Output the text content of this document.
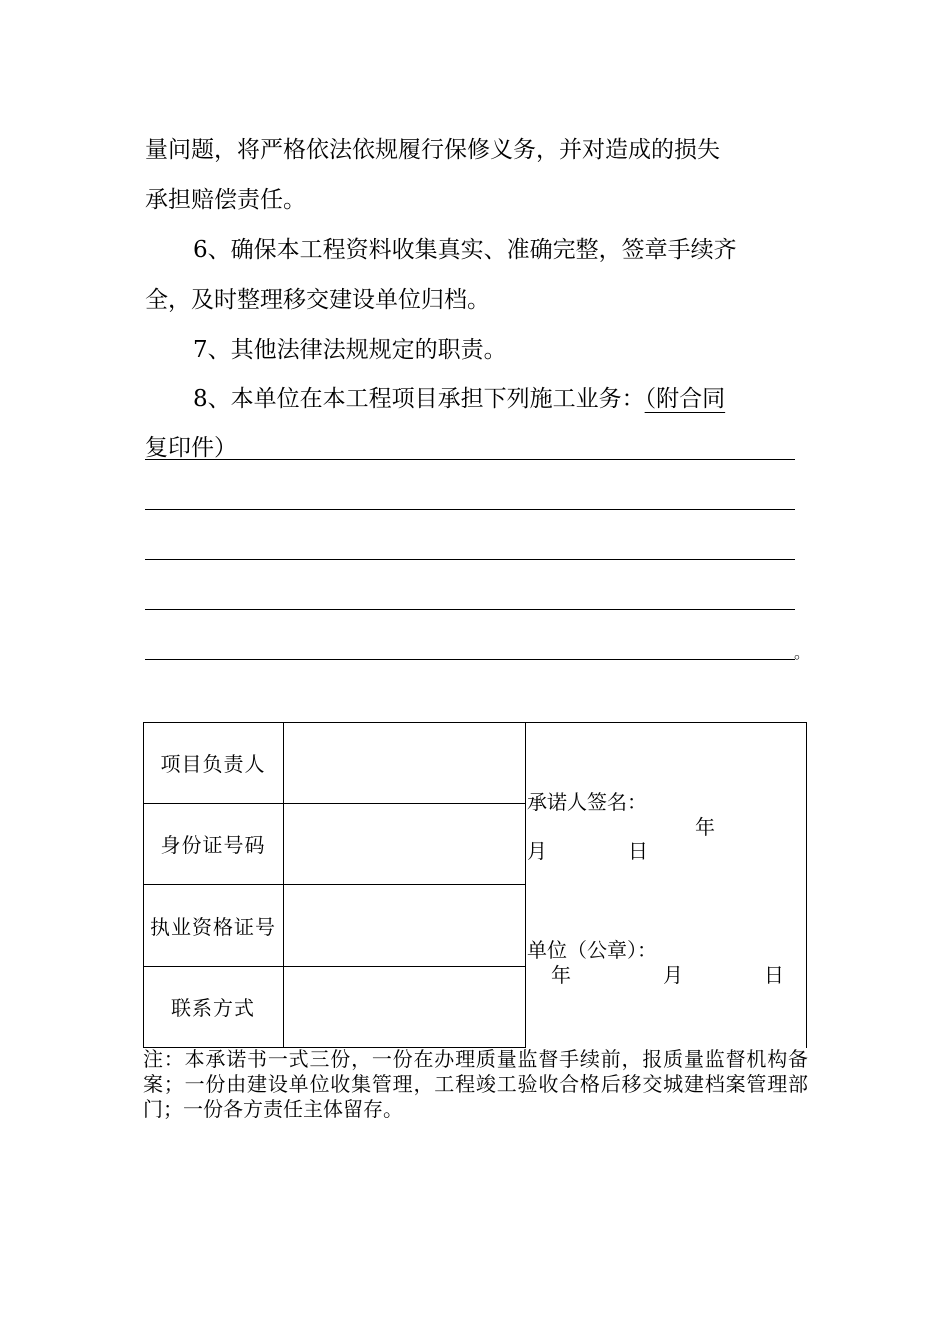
量问题，将严格依法依规履行保修义务，并对造成的损失
承担赔偿责任。
6、确保本工程资料收集真实、准确完整，签章手续齐
全，及时整理移交建设单位归档。
7、其他法律法规规定的职责。
8、本单位在本工程项目承担下列施工业务：（附合同
复印件）
。
项目负责人
身份证号码
执业资格证号
联系方式
承诺人签名：
年
月	日
单位（公章）：
年	月	日
注：本承诺书一式三份，一份在办理质量监督手续前，报质量监督机构备案；一份由建设单位收集管理，工程竣工验收合格后移交城建档案管理部门；一份各方责任主体留存。
